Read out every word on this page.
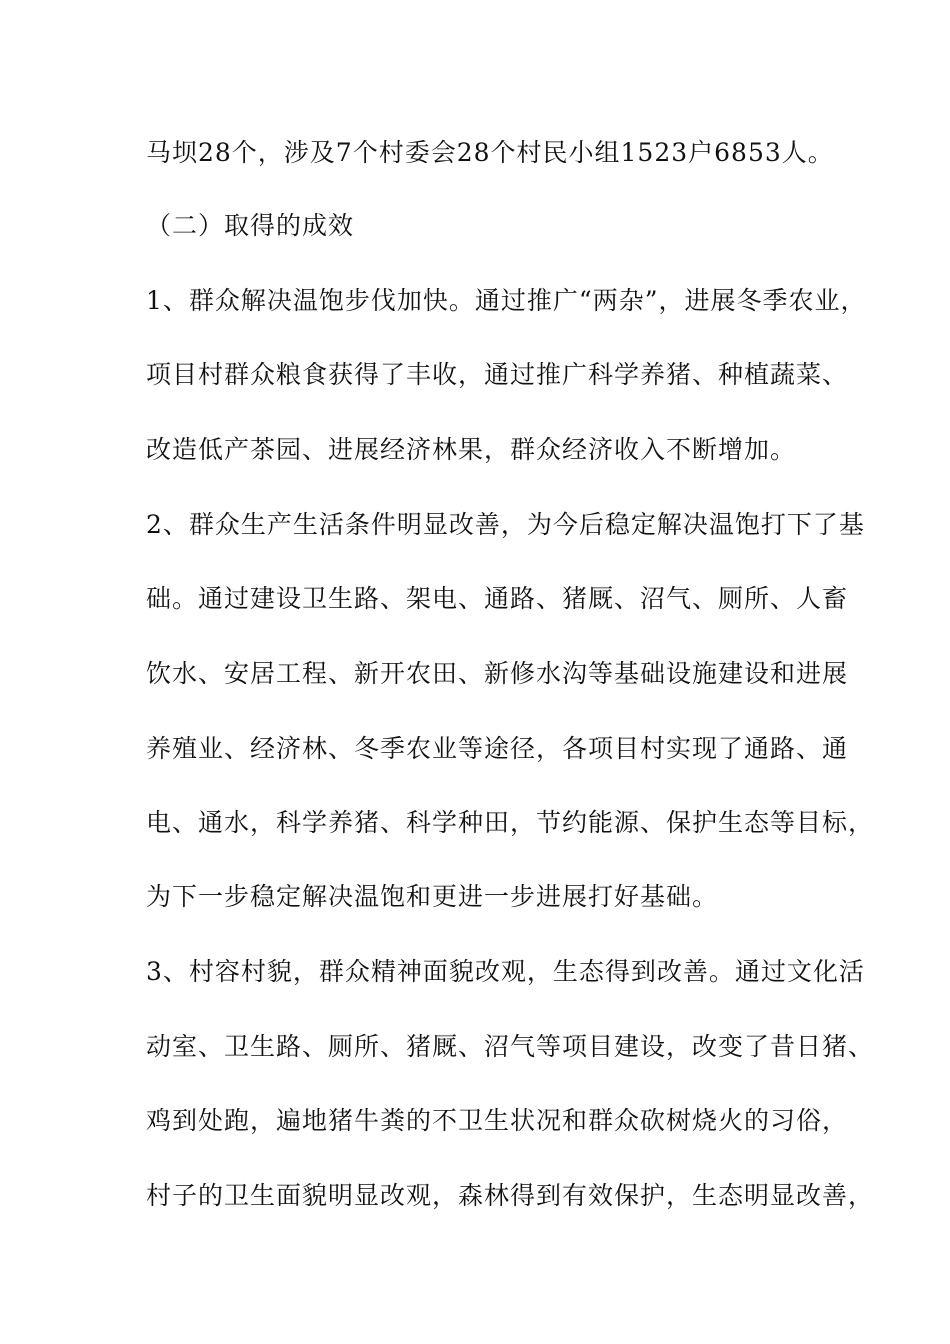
马坝28个，涉及7个村委会28个村民小组1523户6853人。
（二）取得的成效
1、群众解决温饱步伐加快。通过推广“两杂”，进展冬季农业，
项目村群众粮食获得了丰收，通过推广科学养猪、种植蔬菜、
改造低产茶园、进展经济林果，群众经济收入不断增加。
2、群众生产生活条件明显改善，为今后稳定解决温饱打下了基
础。通过建设卫生路、架电、通路、猪厩、沼气、厕所、人畜
饮水、安居工程、新开农田、新修水沟等基础设施建设和进展
养殖业、经济林、冬季农业等途径，各项目村实现了通路、通
电、通水，科学养猪、科学种田，节约能源、保护生态等目标，
为下一步稳定解决温饱和更进一步进展打好基础。
3、村容村貌，群众精神面貌改观，生态得到改善。通过文化活
动室、卫生路、厕所、猪厩、沼气等项目建设，改变了昔日猪、
鸡到处跑，遍地猪牛粪的不卫生状况和群众砍树烧火的习俗，
村子的卫生面貌明显改观，森林得到有效保护，生态明显改善，
